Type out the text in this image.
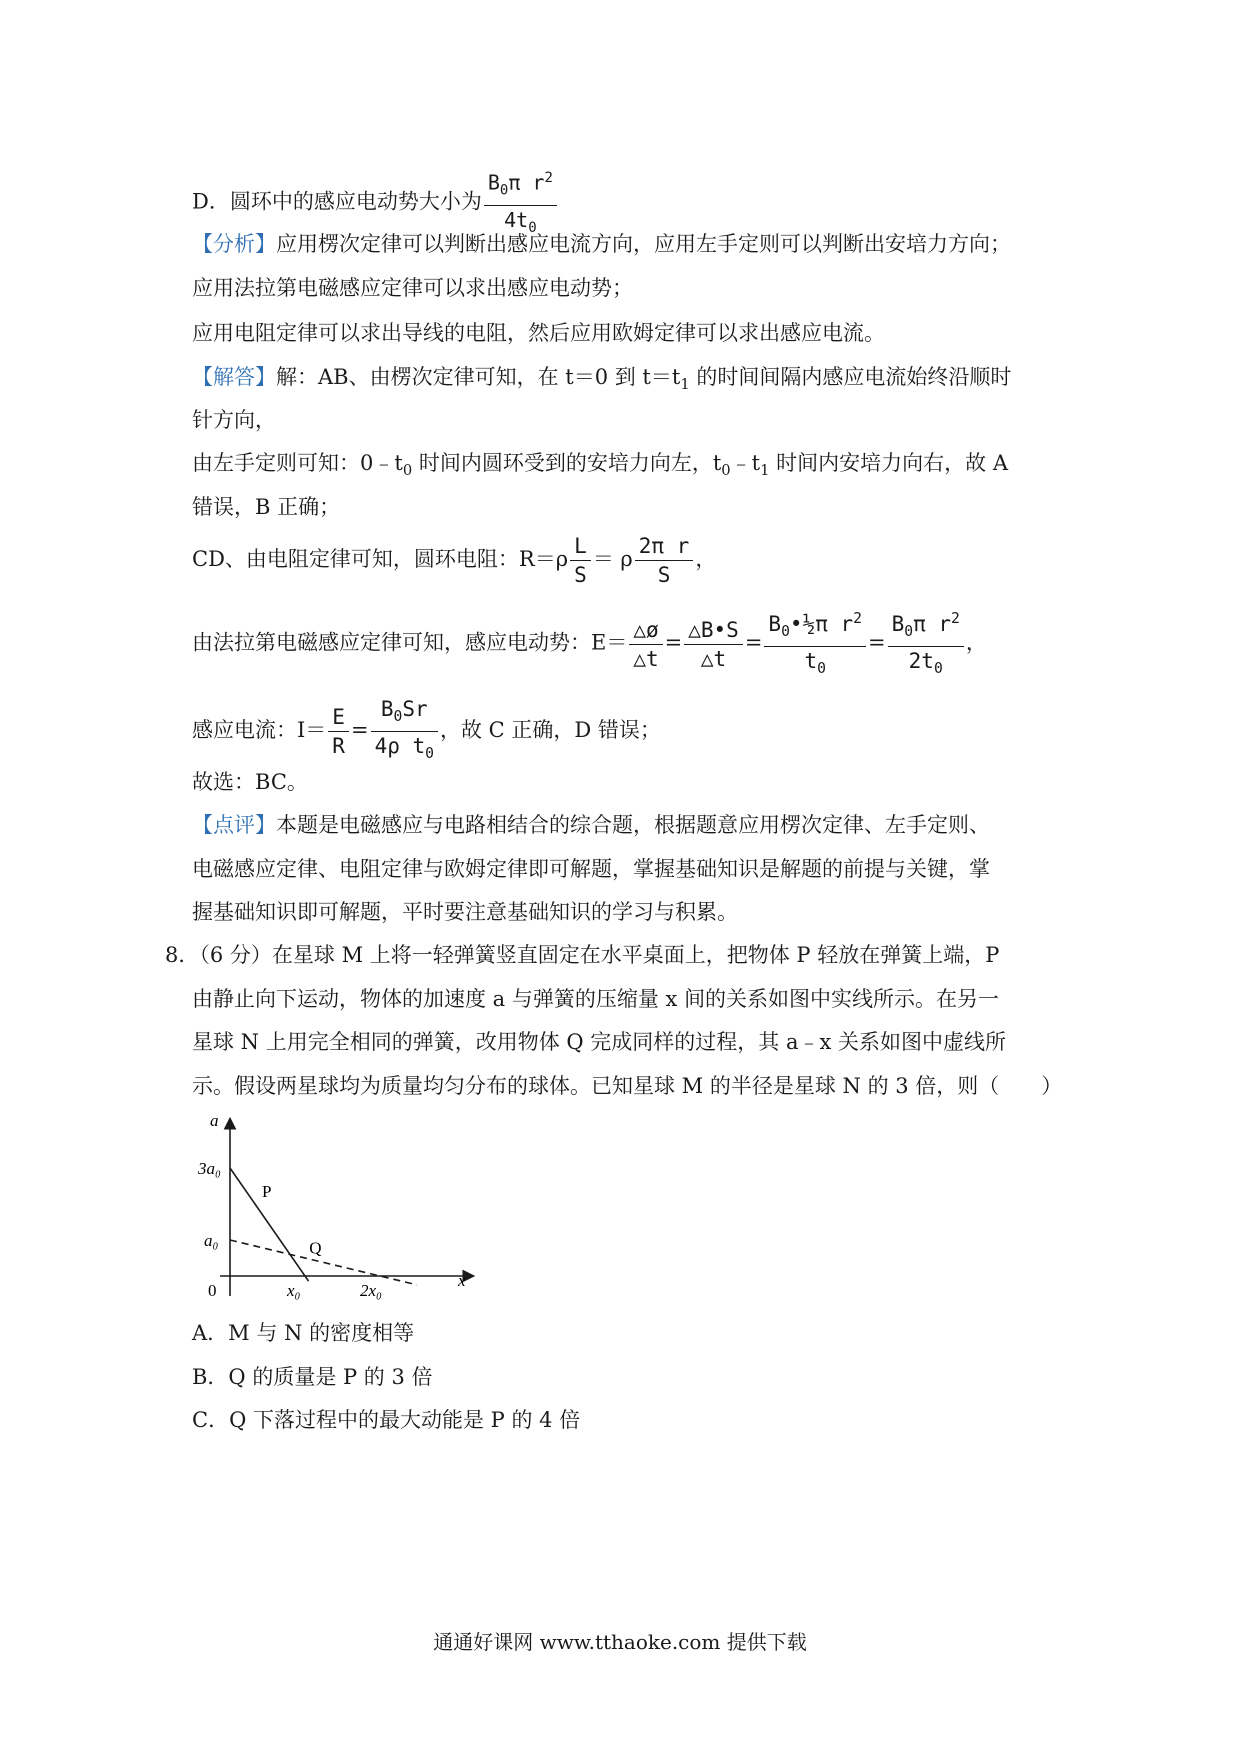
D．圆环中的感应电动势大小为 $\frac{B_0\pi r^2}{4t_0}$
【分析】应用楞次定律可以判断出感应电流方向，应用左手定则可以判断出安培力方向；
应用法拉第电磁感应定律可以求出感应电动势；
应用电阻定律可以求出导线的电阻，然后应用欧姆定律可以求出感应电流。
【解答】解：AB、由楞次定律可知，在 t＝0 到 $t=t_1$ 的时间间隔内感应电流始终沿顺时
针方向，
由左手定则可知：$0﹣t_0$ 时间内圆环受到的安培力向左，$t_0﹣t_1$ 时间内安培力向右，故 A
错误，B 正确；
CD、由电阻定律可知，圆环电阻：$R=\rho \frac{L}{S} = \rho \frac{\text{2π r}}{S}$ ，
由法拉第电磁感应定律可知，感应电动势：$E= \frac{\triangle ø}{\triangle t} = \frac{\triangle B•S}{\triangle t} = \frac{B_0•\frac{1}{2}\pi r^2}{t_0} = \frac{B_0\pi r^2}{2t_0}$ ，
感应电流：$I= \frac{E}{R} = \frac{B_0Sr}{4\rho t_0}$ ，故 C 正确，D 错误；
故选：BC。
【点评】本题是电磁感应与电路相结合的综合题，根据题意应用楞次定律、左手定则、
电磁感应定律、电阻定律与欧姆定律即可解题，掌握基础知识是解题的前提与关键，掌
握基础知识即可解题，平时要注意基础知识的学习与积累。
8．（6 分）在星球 M 上将一轻弹簧竖直固定在水平桌面上，把物体 P 轻放在弹簧上端，P
由静止向下运动，物体的加速度 a 与弹簧的压缩量 x 间的关系如图中实线所示。在另一
星球 N 上用完全相同的弹簧，改用物体 Q 完成同样的过程，其 a﹣x 关系如图中虚线所
示。假设两星球均为质量均匀分布的球体。已知星球 M 的半径是星球 N 的 3 倍，则（　　）
P
Q
a
x
0
3a₀
a₀
x₀	2x₀
A．M 与 N 的密度相等
B．Q 的质量是 P 的 3 倍
C．Q 下落过程中的最大动能是 P 的 4 倍
通通好课网 www.tthaoke.com 提供下载
